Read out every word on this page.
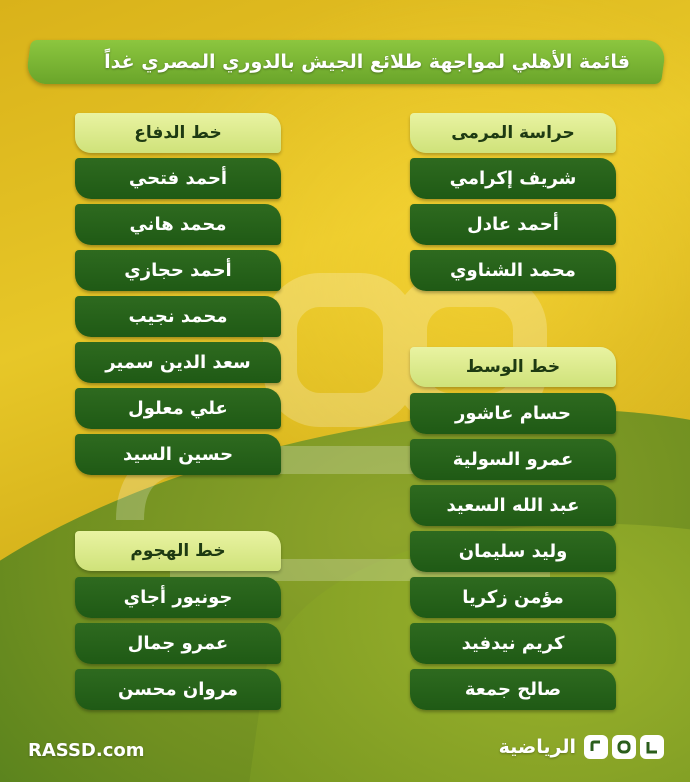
قائمة الأهلي لمواجهة طلائع الجيش بالدوري المصري غداً
حراسة المرمى
شريف إكرامي
أحمد عادل
محمد الشناوي
خط الوسط
حسام عاشور
عمرو السولية
عبد الله السعيد
وليد سليمان
مؤمن زكريا
كريم نيدفيد
صالح جمعة
خط الدفاع
أحمد فتحي
محمد هاني
أحمد حجازي
محمد نجيب
سعد الدين سمير
علي معلول
حسين السيد
خط الهجوم
جونيور أجاي
عمرو جمال
مروان محسن
RASSD.com	الرياضية
